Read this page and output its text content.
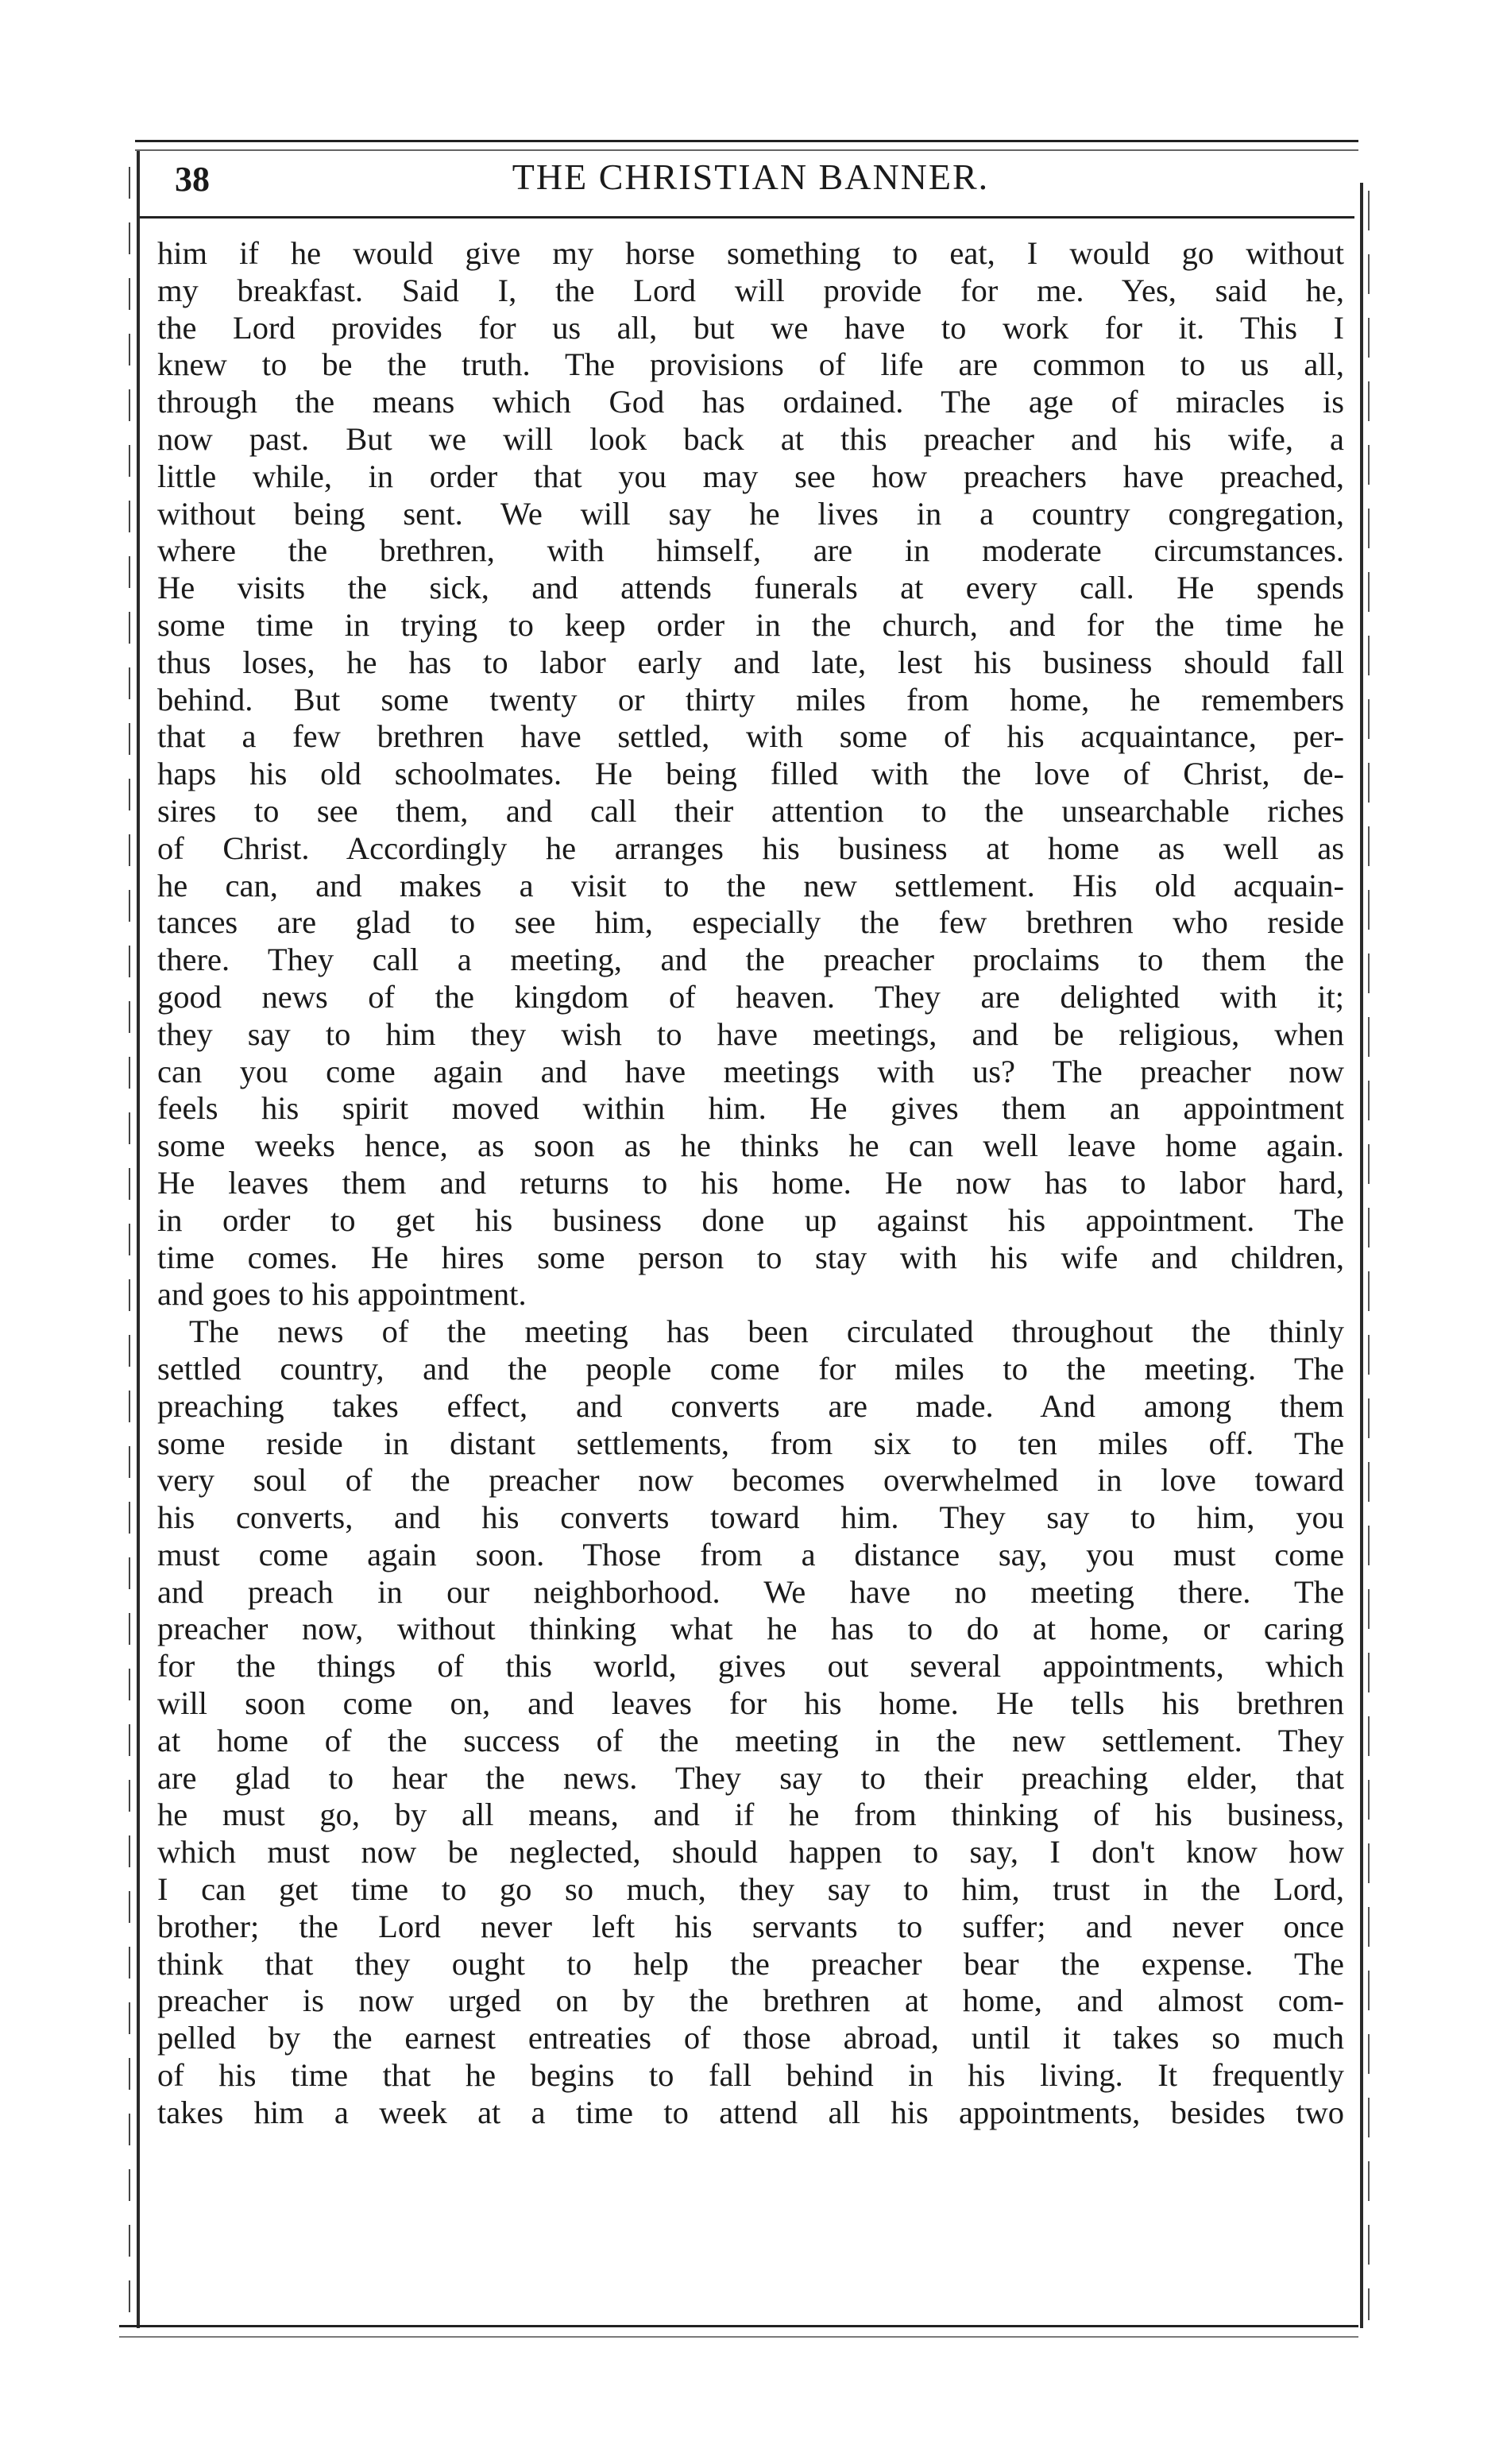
38	THE CHRISTIAN BANNER.
him if he would give my horse something to eat, I would go without
my breakfast. Said I, the Lord will provide for me. Yes, said he,
the Lord provides for us all, but we have to work for it. This I
knew to be the truth. The provisions of life are common to us all,
through the means which God has ordained. The age of miracles is
now past. But we will look back at this preacher and his wife, a
little while, in order that you may see how preachers have preached,
without being sent. We will say he lives in a country congregation,
where the brethren, with himself, are in moderate circumstances.
He visits the sick, and attends funerals at every call. He spends
some time in trying to keep order in the church, and for the time he
thus loses, he has to labor early and late, lest his business should fall
behind. But some twenty or thirty miles from home, he remembers
that a few brethren have settled, with some of his acquaintance, per-
haps his old schoolmates. He being filled with the love of Christ, de-
sires to see them, and call their attention to the unsearchable riches
of Christ. Accordingly he arranges his business at home as well as
he can, and makes a visit to the new settlement. His old acquain-
tances are glad to see him, especially the few brethren who reside
there. They call a meeting, and the preacher proclaims to them the
good news of the kingdom of heaven. They are delighted with it;
they say to him they wish to have meetings, and be religious, when
can you come again and have meetings with us? The preacher now
feels his spirit moved within him. He gives them an appointment
some weeks hence, as soon as he thinks he can well leave home again.
He leaves them and returns to his home. He now has to labor hard,
in order to get his business done up against his appointment. The
time comes. He hires some person to stay with his wife and children,
and goes to his appointment.
The news of the meeting has been circulated throughout the thinly
settled country, and the people come for miles to the meeting. The
preaching takes effect, and converts are made. And among them
some reside in distant settlements, from six to ten miles off. The
very soul of the preacher now becomes overwhelmed in love toward
his converts, and his converts toward him. They say to him, you
must come again soon. Those from a distance say, you must come
and preach in our neighborhood. We have no meeting there. The
preacher now, without thinking what he has to do at home, or caring
for the things of this world, gives out several appointments, which
will soon come on, and leaves for his home. He tells his brethren
at home of the success of the meeting in the new settlement. They
are glad to hear the news. They say to their preaching elder, that
he must go, by all means, and if he from thinking of his business,
which must now be neglected, should happen to say, I don't know how
I can get time to go so much, they say to him, trust in the Lord,
brother; the Lord never left his servants to suffer; and never once
think that they ought to help the preacher bear the expense. The
preacher is now urged on by the brethren at home, and almost com-
pelled by the earnest entreaties of those abroad, until it takes so much
of his time that he begins to fall behind in his living. It frequently
takes him a week at a time to attend all his appointments, besides two
